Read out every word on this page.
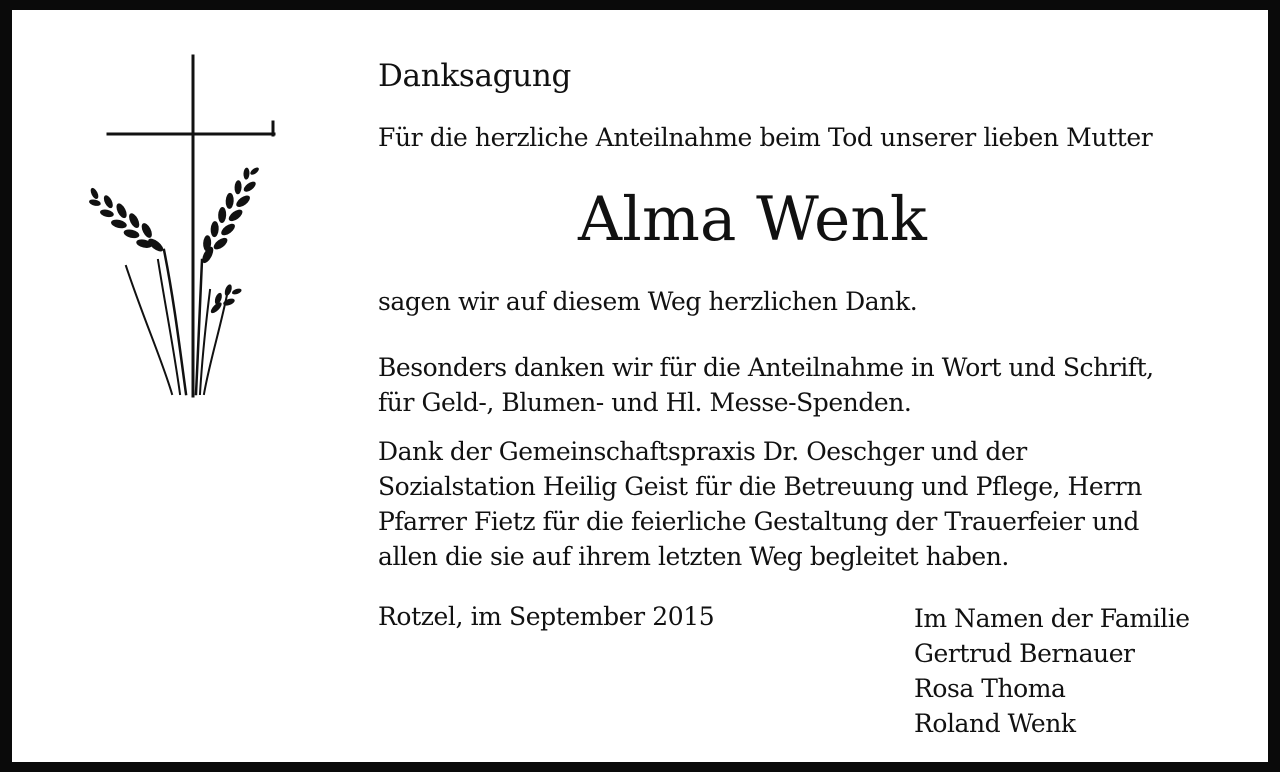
Danksagung
Für die herzliche Anteilnahme beim Tod unserer lieben Mutter
Alma Wenk
sagen wir auf diesem Weg herzlichen Dank.
Besonders danken wir für die Anteilnahme in Wort und Schrift,
für Geld-, Blumen- und Hl. Messe-Spenden.
Dank der Gemeinschaftspraxis Dr. Oeschger und der
Sozialstation Heilig Geist für die Betreuung und Pflege, Herrn
Pfarrer Fietz für die feierliche Gestaltung der Trauerfeier und
allen die sie auf ihrem letzten Weg begleitet haben.
Rotzel, im September 2015	Im Namen der Familie
Gertrud Bernauer
Rosa Thoma
Roland Wenk
